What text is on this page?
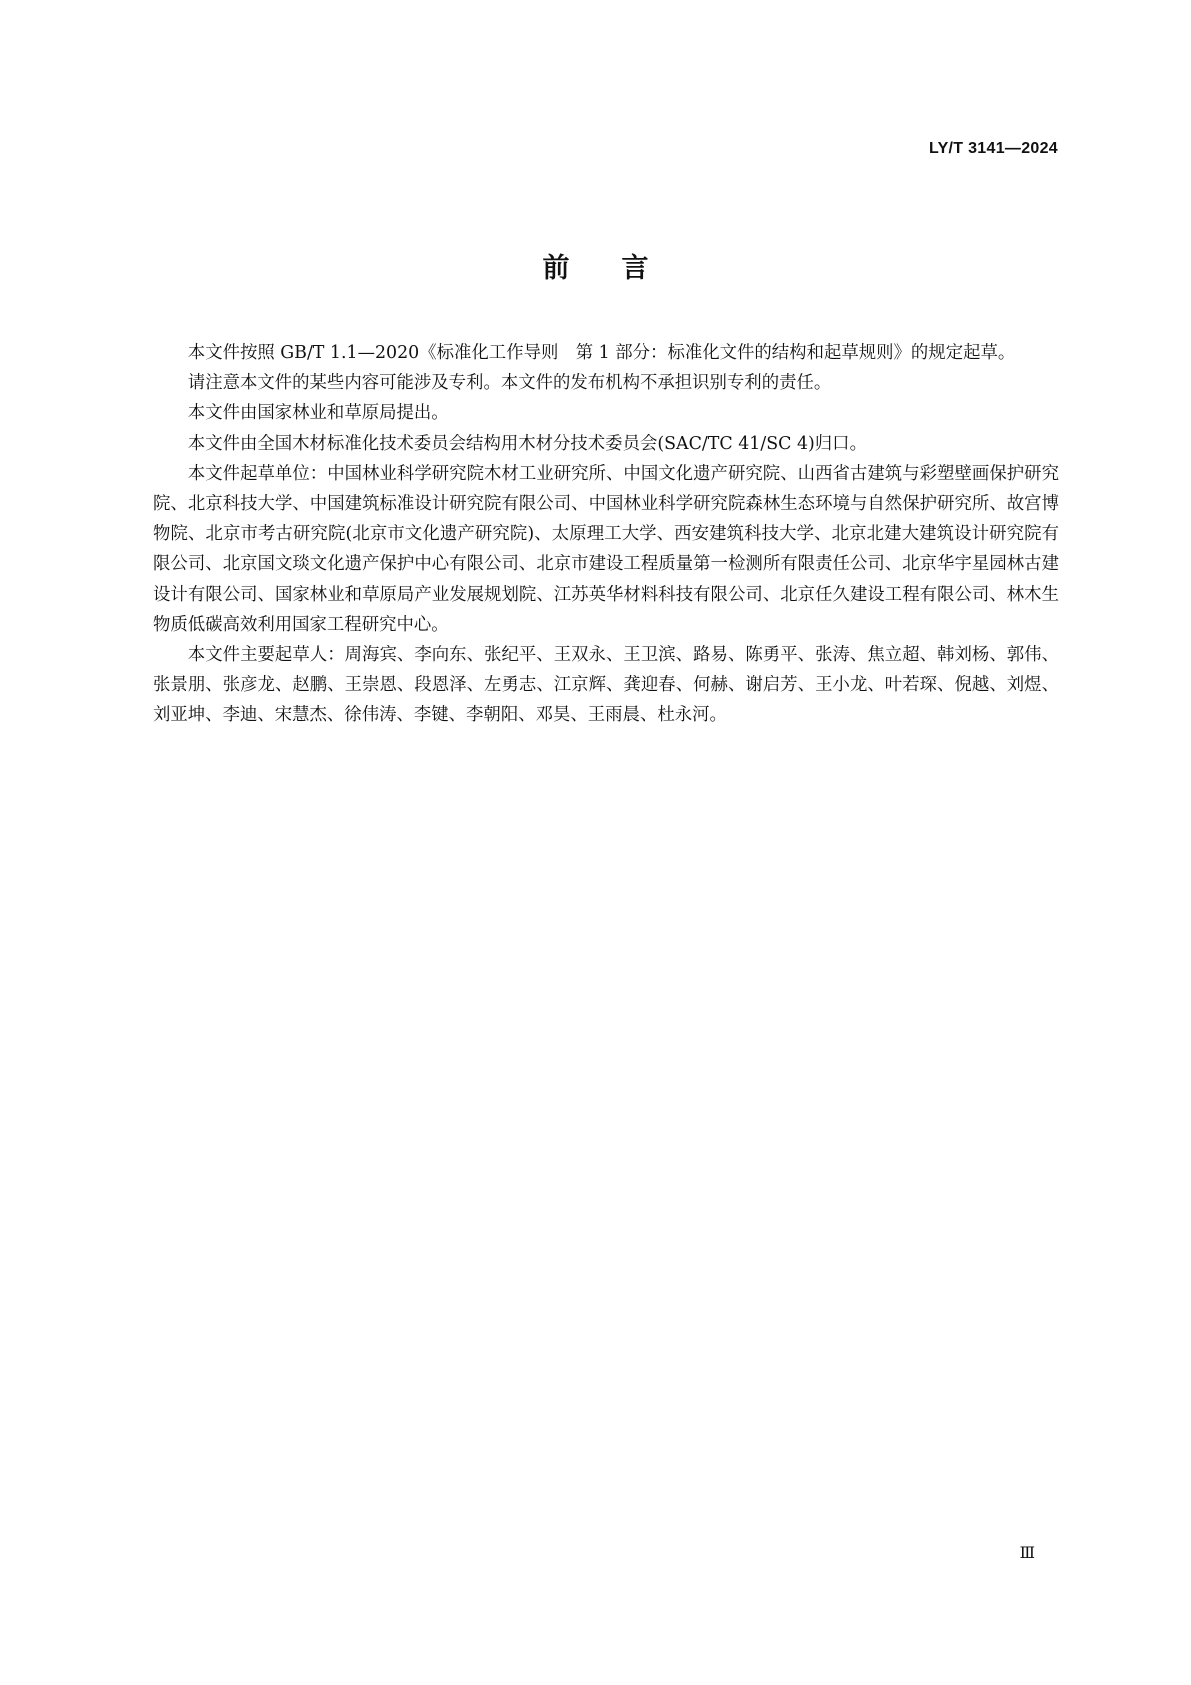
LY/T 3141—2024
前言

本文件按照 GB/T 1.1—2020《标准化工作导则　第 1 部分：标准化文件的结构和起草规则》的规定起草。

请注意本文件的某些内容可能涉及专利。本文件的发布机构不承担识别专利的责任。

本文件由国家林业和草原局提出。

本文件由全国木材标准化技术委员会结构用木材分技术委员会(SAC/TC 41/SC 4)归口。

本文件起草单位：中国林业科学研究院木材工业研究所、中国文化遗产研究院、山西省古建筑与彩塑壁画保护研究院、北京科技大学、中国建筑标准设计研究院有限公司、中国林业科学研究院森林生态环境与自然保护研究所、故宫博物院、北京市考古研究院(北京市文化遗产研究院)、太原理工大学、西安建筑科技大学、北京北建大建筑设计研究院有限公司、北京国文琰文化遗产保护中心有限公司、北京市建设工程质量第一检测所有限责任公司、北京华宇星园林古建设计有限公司、国家林业和草原局产业发展规划院、江苏英华材料科技有限公司、北京任久建设工程有限公司、林木生物质低碳高效利用国家工程研究中心。

本文件主要起草人：周海宾、李向东、张纪平、王双永、王卫滨、路易、陈勇平、张涛、焦立超、韩刘杨、郭伟、张景朋、张彦龙、赵鹏、王崇恩、段恩泽、左勇志、江京辉、龚迎春、何赫、谢启芳、王小龙、叶若琛、倪越、刘煜、刘亚坤、李迪、宋慧杰、徐伟涛、李键、李朝阳、邓昊、王雨晨、杜永河。

Ⅲ
